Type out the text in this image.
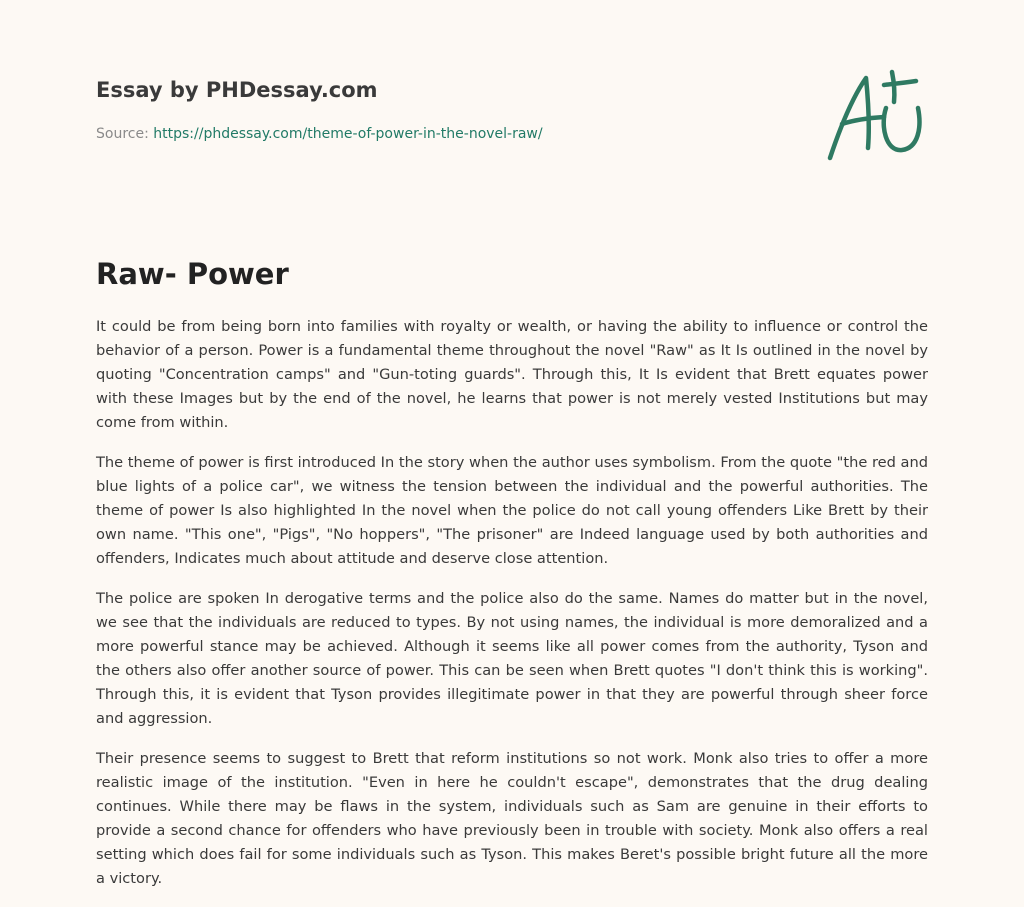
Essay by PHDessay.com
Source: https://phdessay.com/theme-of-power-in-the-novel-raw/
Raw- Power

It could be from being born into families with royalty or wealth, or having the ability to influence or control the behavior of a person. Power is a fundamental theme throughout the novel "Raw" as It Is outlined in the novel by quoting "Concentration camps" and "Gun-toting guards". Through this, It Is evident that Brett equates power with these Images but by the end of the novel, he learns that power is not merely vested Institutions but may come from within.

The theme of power is first introduced In the story when the author uses symbolism. From the quote "the red and blue lights of a police car", we witness the tension between the individual and the powerful authorities. The theme of power Is also highlighted In the novel when the police do not call young offenders Like Brett by their own name. "This one", "Pigs", "No hoppers", "The prisoner" are Indeed language used by both authorities and offenders, Indicates much about attitude and deserve close attention.

The police are spoken In derogative terms and the police also do the same. Names do matter but in the novel, we see that the individuals are reduced to types. By not using names, the individual is more demoralized and a more powerful stance may be achieved. Although it seems like all power comes from the authority, Tyson and the others also offer another source of power. This can be seen when Brett quotes "I don't think this is working". Through this, it is evident that Tyson provides illegitimate power in that they are powerful through sheer force and aggression.

Their presence seems to suggest to Brett that reform institutions so not work. Monk also tries to offer a more realistic image of the institution. "Even in here he couldn't escape", demonstrates that the drug dealing continues. While there may be flaws in the system, individuals such as Sam are genuine in their efforts to provide a second chance for offenders who have previously been in trouble with society. Monk also offers a real setting which does fail for some individuals such as Tyson. This makes Beret's possible bright future all the more a victory.
